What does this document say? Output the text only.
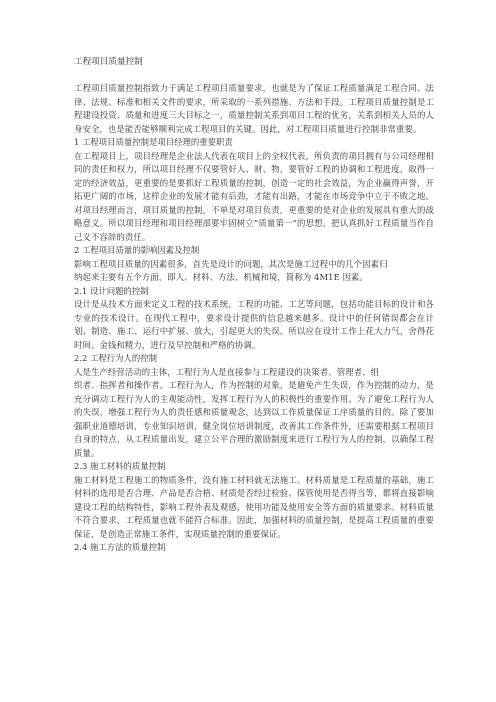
工程项目质量控制

工程项目质量控制指致力于满足工程项目质量要求，也就是为了保证工程质量满足工程合同、法律、法规、标准和相关文件的要求，所采取的一系列措施、方法和手段。工程项目质量控制是工程建设投资、质量和进度三大目标之一，质量控制关系到项目工程的优劣，关系到相关人员的人身安全，也是能否能够顺利完成工程项目的关键。因此，对工程项目质量进行控制非常重要。

1 工程项目质量控制是项目经理的重要职责

在工程项目上，项目经理是企业法人代表在项目上的全权代表，所负责的项目拥有与公司经理相同的责任和权力，所以项目经理不仅要管好人、财、物，要管好工程的协调和工程进度，取得一定的经济效益，更重要的是要抓好工程质量的控制，创造一定的社会效益，为企业赢得声誉，开拓更广阔的市场，这样企业的发展才能有后劲，才能有出路，才能在市场竞争中立于不败之地。对项目经理而言，项目质量的控制，不单是对项目负责，更重要的是对企业的发展具有重大的战略意义。所以项目经理和项目经理部要牢固树立“质量第一”的思想，把认真抓好工程质量当作自己义不容辞的责任。

2 工程项目质量的影响因素及控制

影响工程项目质量的因素很多，首先是设计的问题，其次是施工过程中的几个因素归

纳起来主要有五个方面，即人、材料、方法、机械和境，简称为 4M1E 因素。

2.1 设计问题的控制

设计是从技术方面来定义工程的技术系统，工程的功能、工艺等问题，包括功能目标的设计和各专业的技术设计。在现代工程中，要求设计提供的信息越来越多。设计中的任何错误都会在计划、制造、施工、运行中扩展、放大，引起更大的失误。所以应在设计工作上花大力气，舍得花时间、金钱和精力，进行及早控制和严格的协调。

2.2 工程行为人的控制

人是生产经营活动的主体，工程行为人是直接参与工程建设的决策者、管理者、组

织者、指挥者和操作者。工程行为人，作为控制的对象，是避免产生失误，作为控制的动力，是充分调动工程行为人的主观能动性，发挥工程行为人的积极性的重要作用。为了避免工程行为人的失误，增强工程行为人的责任感和质量观念，达到以工作质量保证工序质量的目的。除了要加强职业道德培训，专业知识培训，健全岗位培训制度，改善其工作条件外，还需要根据工程项目自身的特点，从工程质量出发，建立公平合理的激励制度来进行工程行为人的控制，以确保工程质量。

2.3 施工材料的质量控制

施工材料是工程施工的物质条件，没有施工材料就无法施工。材料质量是工程质量的基础，施工材料的选用是否合理、产品是否合格、材质是否经过检验、保管使用是否得当等，都将直接影响建设工程的结构特性，影响工程外表及观感，使用功能及使用安全等方面的质量要求。材料质量不符合要求，工程质量也就不能符合标准。因此，加强材料的质量控制，是提高工程质量的重要保证，是创造正常施工条件，实现质量控制的重要保证。

2.4 施工方法的质量控制
